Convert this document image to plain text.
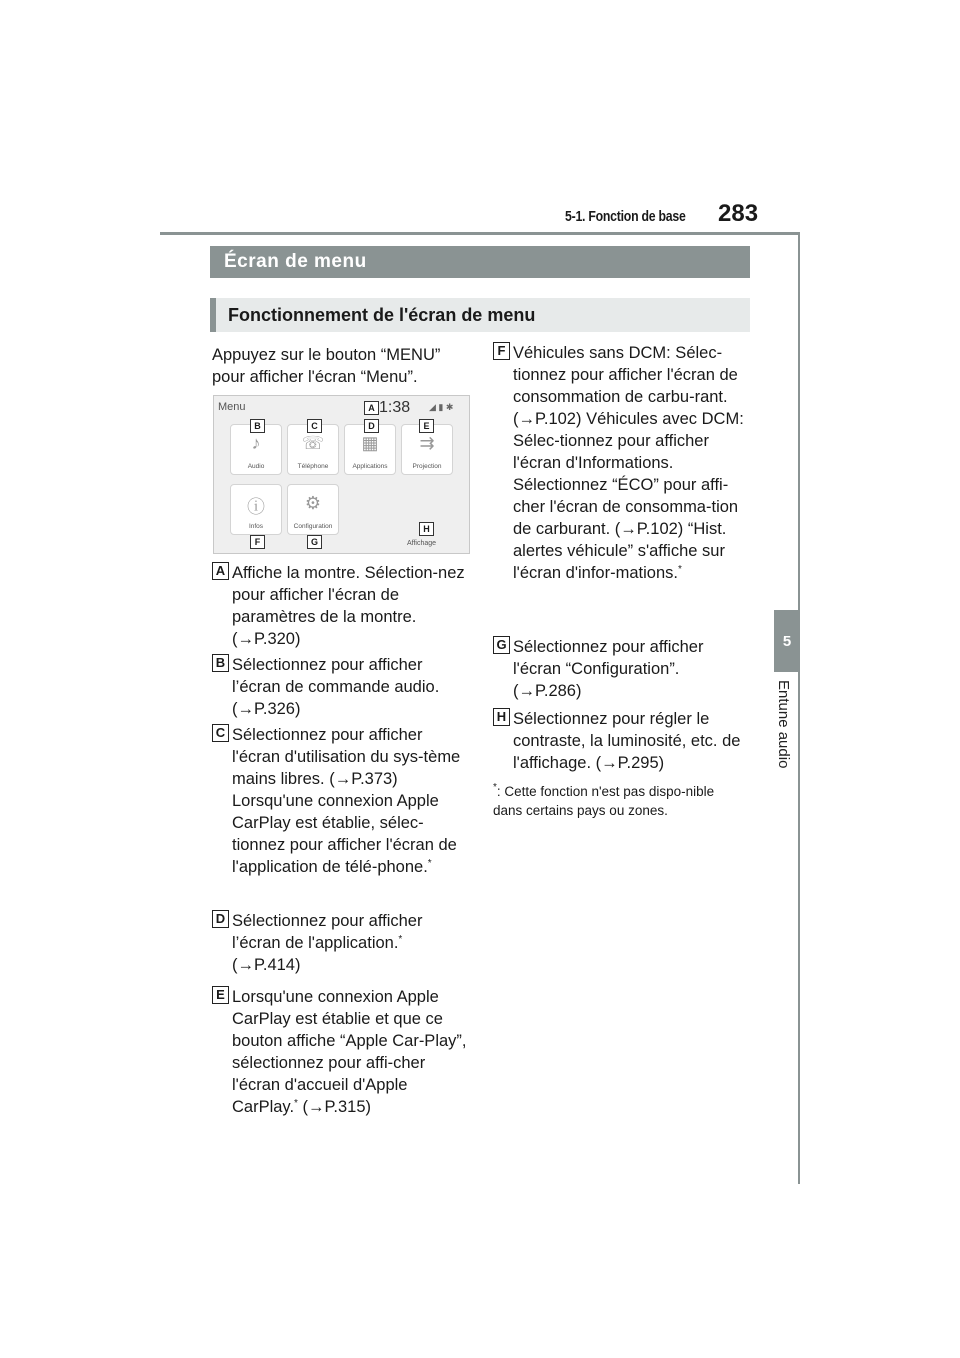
5-1. Fonction de base 283
5
Entune audio
Écran de menu
Fonctionnement de l'écran de menu
Appuyez sur le bouton “MENU” pour afficher l'écran “Menu”.
Menu	1:38 ◢ ▮ ✱
♪
Audio
☏
Téléphone
▦
Applications
⇉
Projection
ⓘ
Infos
⚙
Configuration
Affichage
A
B	C	D	E
F	G
H
A Affiche la montre. Sélection-nez pour afficher l'écran de paramètres de la montre. (→P.320)
B Sélectionnez pour afficher l’écran de commande audio. (→P.326)
C Sélectionnez pour afficher l'écran d'utilisation du sys-tème mains libres. (→P.373) Lorsqu'une connexion Apple CarPlay est établie, sélec-tionnez pour afficher l'écran de l'application de télé-phone.*
D Sélectionnez pour afficher l’écran de l'application.* (→P.414)
E Lorsqu'une connexion Apple CarPlay est établie et que ce bouton affiche “Apple Car-Play”, sélectionnez pour affi-cher l'écran d'accueil d'Apple CarPlay.* (→P.315)
F Véhicules sans DCM: Sélec-tionnez pour afficher l'écran de consommation de carbu-rant. (→P.102) Véhicules avec DCM: Sélec-tionnez pour afficher l'écran d'Informations. Sélectionnez “ÉCO” pour affi-cher l'écran de consomma-tion de carburant. (→P.102) “Hist. alertes véhicule” s'affiche sur l'écran d'infor-mations.*
G Sélectionnez pour afficher l'écran “Configuration”. (→P.286)
H Sélectionnez pour régler le contraste, la luminosité, etc. de l'affichage. (→P.295)
*: Cette fonction n'est pas dispo-nible dans certains pays ou zones.
